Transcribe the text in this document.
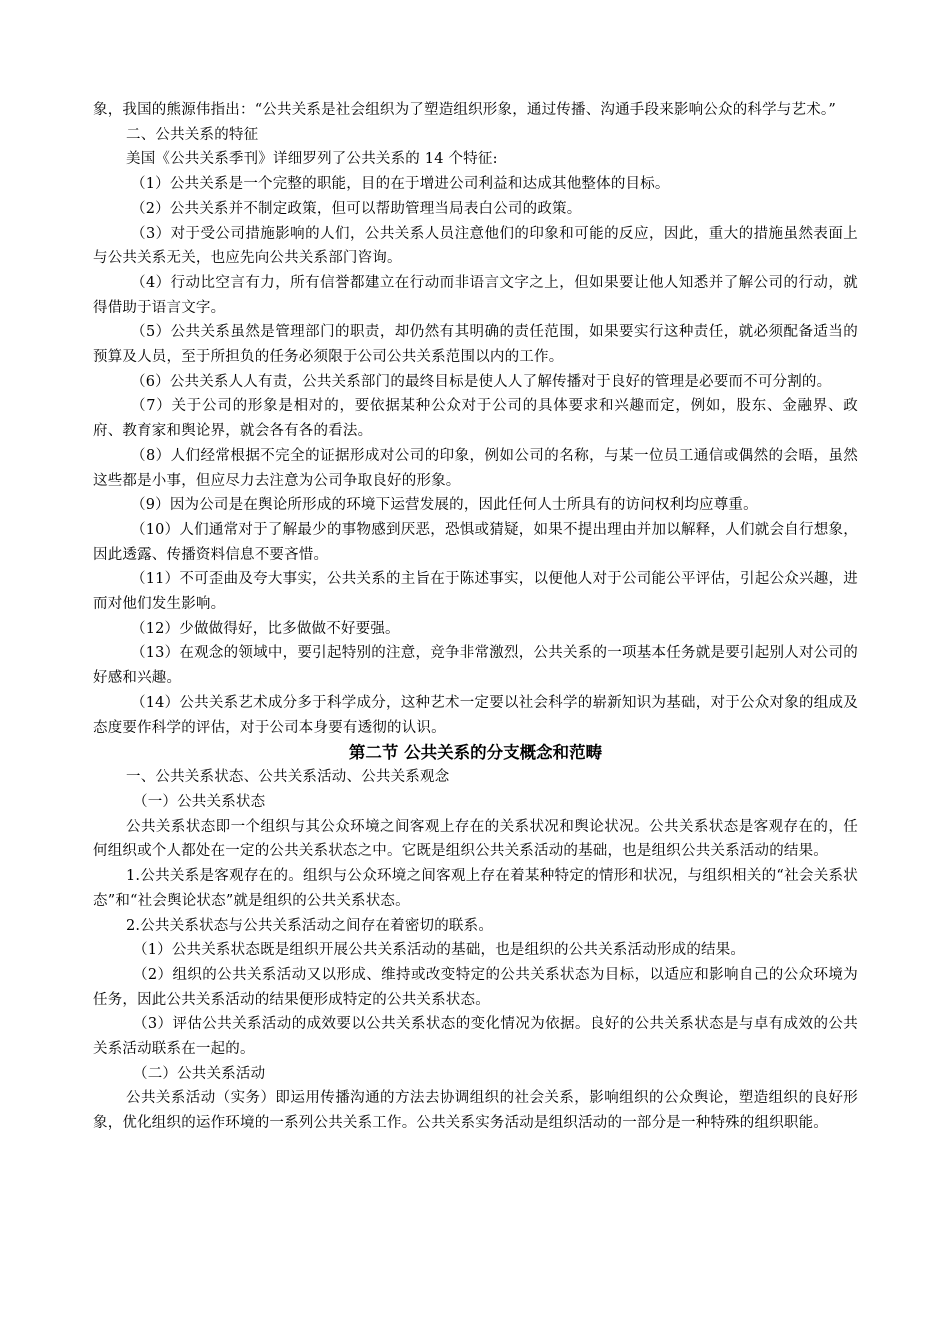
象，我国的熊源伟指出：“公共关系是社会组织为了塑造组织形象，通过传播、沟通手段来影响公众的科学与艺术。”

二、公共关系的特征

美国《公共关系季刊》详细罗列了公共关系的 14 个特征:

（1）公共关系是一个完整的职能，目的在于增进公司利益和达成其他整体的目标。

（2）公共关系并不制定政策，但可以帮助管理当局表白公司的政策。

（3）对于受公司措施影响的人们，公共关系人员注意他们的印象和可能的反应，因此，重大的措施虽然表面上与公共关系无关，也应先向公共关系部门咨询。

（4）行动比空言有力，所有信誉都建立在行动而非语言文字之上，但如果要让他人知悉并了解公司的行动，就得借助于语言文字。

（5）公共关系虽然是管理部门的职责，却仍然有其明确的责任范围，如果要实行这种责任，就必须配备适当的预算及人员，至于所担负的任务必须限于公司公共关系范围以内的工作。

（6）公共关系人人有责，公共关系部门的最终目标是使人人了解传播对于良好的管理是必要而不可分割的。

（7）关于公司的形象是相对的，要依据某种公众对于公司的具体要求和兴趣而定，例如，股东、金融界、政府、教育家和舆论界，就会各有各的看法。

（8）人们经常根据不完全的证据形成对公司的印象，例如公司的名称，与某一位员工通信或偶然的会晤，虽然这些都是小事，但应尽力去注意为公司争取良好的形象。

（9）因为公司是在舆论所形成的环境下运营发展的，因此任何人士所具有的访问权利均应尊重。

（10）人们通常对于了解最少的事物感到厌恶，恐惧或猜疑，如果不提出理由并加以解释，人们就会自行想象，因此透露、传播资料信息不要吝惜。

（11）不可歪曲及夸大事实，公共关系的主旨在于陈述事实，以便他人对于公司能公平评估，引起公众兴趣，进而对他们发生影响。

（12）少做做得好，比多做做不好要强。

（13）在观念的领域中，要引起特别的注意，竞争非常激烈，公共关系的一项基本任务就是要引起别人对公司的好感和兴趣。

（14）公共关系艺术成分多于科学成分，这种艺术一定要以社会科学的崭新知识为基础，对于公众对象的组成及态度要作科学的评估，对于公司本身要有透彻的认识。

第二节 公共关系的分支概念和范畴

一、公共关系状态、公共关系活动、公共关系观念

（一）公共关系状态

公共关系状态即一个组织与其公众环境之间客观上存在的关系状况和舆论状况。公共关系状态是客观存在的，任何组织或个人都处在一定的公共关系状态之中。它既是组织公共关系活动的基础，也是组织公共关系活动的结果。

1.公共关系是客观存在的。组织与公众环境之间客观上存在着某种特定的情形和状况，与组织相关的“社会关系状态”和“社会舆论状态”就是组织的公共关系状态。

2.公共关系状态与公共关系活动之间存在着密切的联系。

（1）公共关系状态既是组织开展公共关系活动的基础，也是组织的公共关系活动形成的结果。

（2）组织的公共关系活动又以形成、维持或改变特定的公共关系状态为目标，以适应和影响自己的公众环境为任务，因此公共关系活动的结果便形成特定的公共关系状态。

（3）评估公共关系活动的成效要以公共关系状态的变化情况为依据。良好的公共关系状态是与卓有成效的公共关系活动联系在一起的。

（二）公共关系活动

公共关系活动（实务）即运用传播沟通的方法去协调组织的社会关系，影响组织的公众舆论，塑造组织的良好形象，优化组织的运作环境的一系列公共关系工作。公共关系实务活动是组织活动的一部分是一种特殊的组织职能。
